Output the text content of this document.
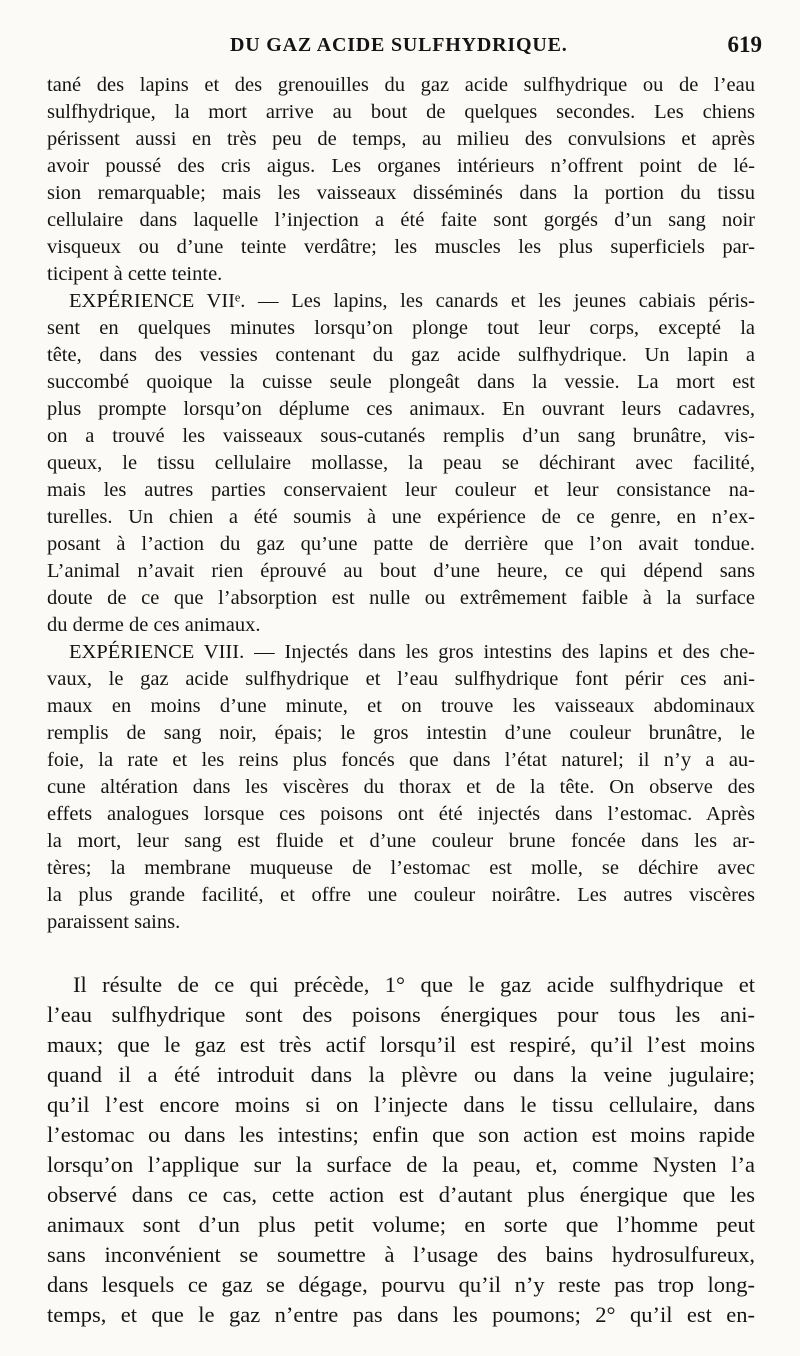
DU GAZ ACIDE SULFHYDRIQUE.	619
tané des lapins et des grenouilles du gaz acide sulfhydrique ou de l’eau
sulfhydrique, la mort arrive au bout de quelques secondes. Les chiens
périssent aussi en très peu de temps, au milieu des convulsions et après
avoir poussé des cris aigus. Les organes intérieurs n’offrent point de lé-
sion remarquable; mais les vaisseaux disséminés dans la portion du tissu
cellulaire dans laquelle l’injection a été faite sont gorgés d’un sang noir
visqueux ou d’une teinte verdâtre; les muscles les plus superficiels par-
ticipent à cette teinte.
EXPÉRIENCE VIIᵉ. — Les lapins, les canards et les jeunes cabiais péris-
sent en quelques minutes lorsqu’on plonge tout leur corps, excepté la
tête, dans des vessies contenant du gaz acide sulfhydrique. Un lapin a
succombé quoique la cuisse seule plongeât dans la vessie. La mort est
plus prompte lorsqu’on déplume ces animaux. En ouvrant leurs cadavres,
on a trouvé les vaisseaux sous-cutanés remplis d’un sang brunâtre, vis-
queux, le tissu cellulaire mollasse, la peau se déchirant avec facilité,
mais les autres parties conservaient leur couleur et leur consistance na-
turelles. Un chien a été soumis à une expérience de ce genre, en n’ex-
posant à l’action du gaz qu’une patte de derrière que l’on avait tondue.
L’animal n’avait rien éprouvé au bout d’une heure, ce qui dépend sans
doute de ce que l’absorption est nulle ou extrêmement faible à la surface
du derme de ces animaux.
EXPÉRIENCE VIII. — Injectés dans les gros intestins des lapins et des che-
vaux, le gaz acide sulfhydrique et l’eau sulfhydrique font périr ces ani-
maux en moins d’une minute, et on trouve les vaisseaux abdominaux
remplis de sang noir, épais; le gros intestin d’une couleur brunâtre, le
foie, la rate et les reins plus foncés que dans l’état naturel; il n’y a au-
cune altération dans les viscères du thorax et de la tête. On observe des
effets analogues lorsque ces poisons ont été injectés dans l’estomac. Après
la mort, leur sang est fluide et d’une couleur brune foncée dans les ar-
tères; la membrane muqueuse de l’estomac est molle, se déchire avec
la plus grande facilité, et offre une couleur noirâtre. Les autres viscères
paraissent sains.
Il résulte de ce qui précède, 1° que le gaz acide sulfhydrique et
l’eau sulfhydrique sont des poisons énergiques pour tous les ani-
maux; que le gaz est très actif lorsqu’il est respiré, qu’il l’est moins
quand il a été introduit dans la plèvre ou dans la veine jugulaire;
qu’il l’est encore moins si on l’injecte dans le tissu cellulaire, dans
l’estomac ou dans les intestins; enfin que son action est moins rapide
lorsqu’on l’applique sur la surface de la peau, et, comme Nysten l’a
observé dans ce cas, cette action est d’autant plus énergique que les
animaux sont d’un plus petit volume; en sorte que l’homme peut
sans inconvénient se soumettre à l’usage des bains hydrosulfureux,
dans lesquels ce gaz se dégage, pourvu qu’il n’y reste pas trop long-
temps, et que le gaz n’entre pas dans les poumons; 2° qu’il est en-
